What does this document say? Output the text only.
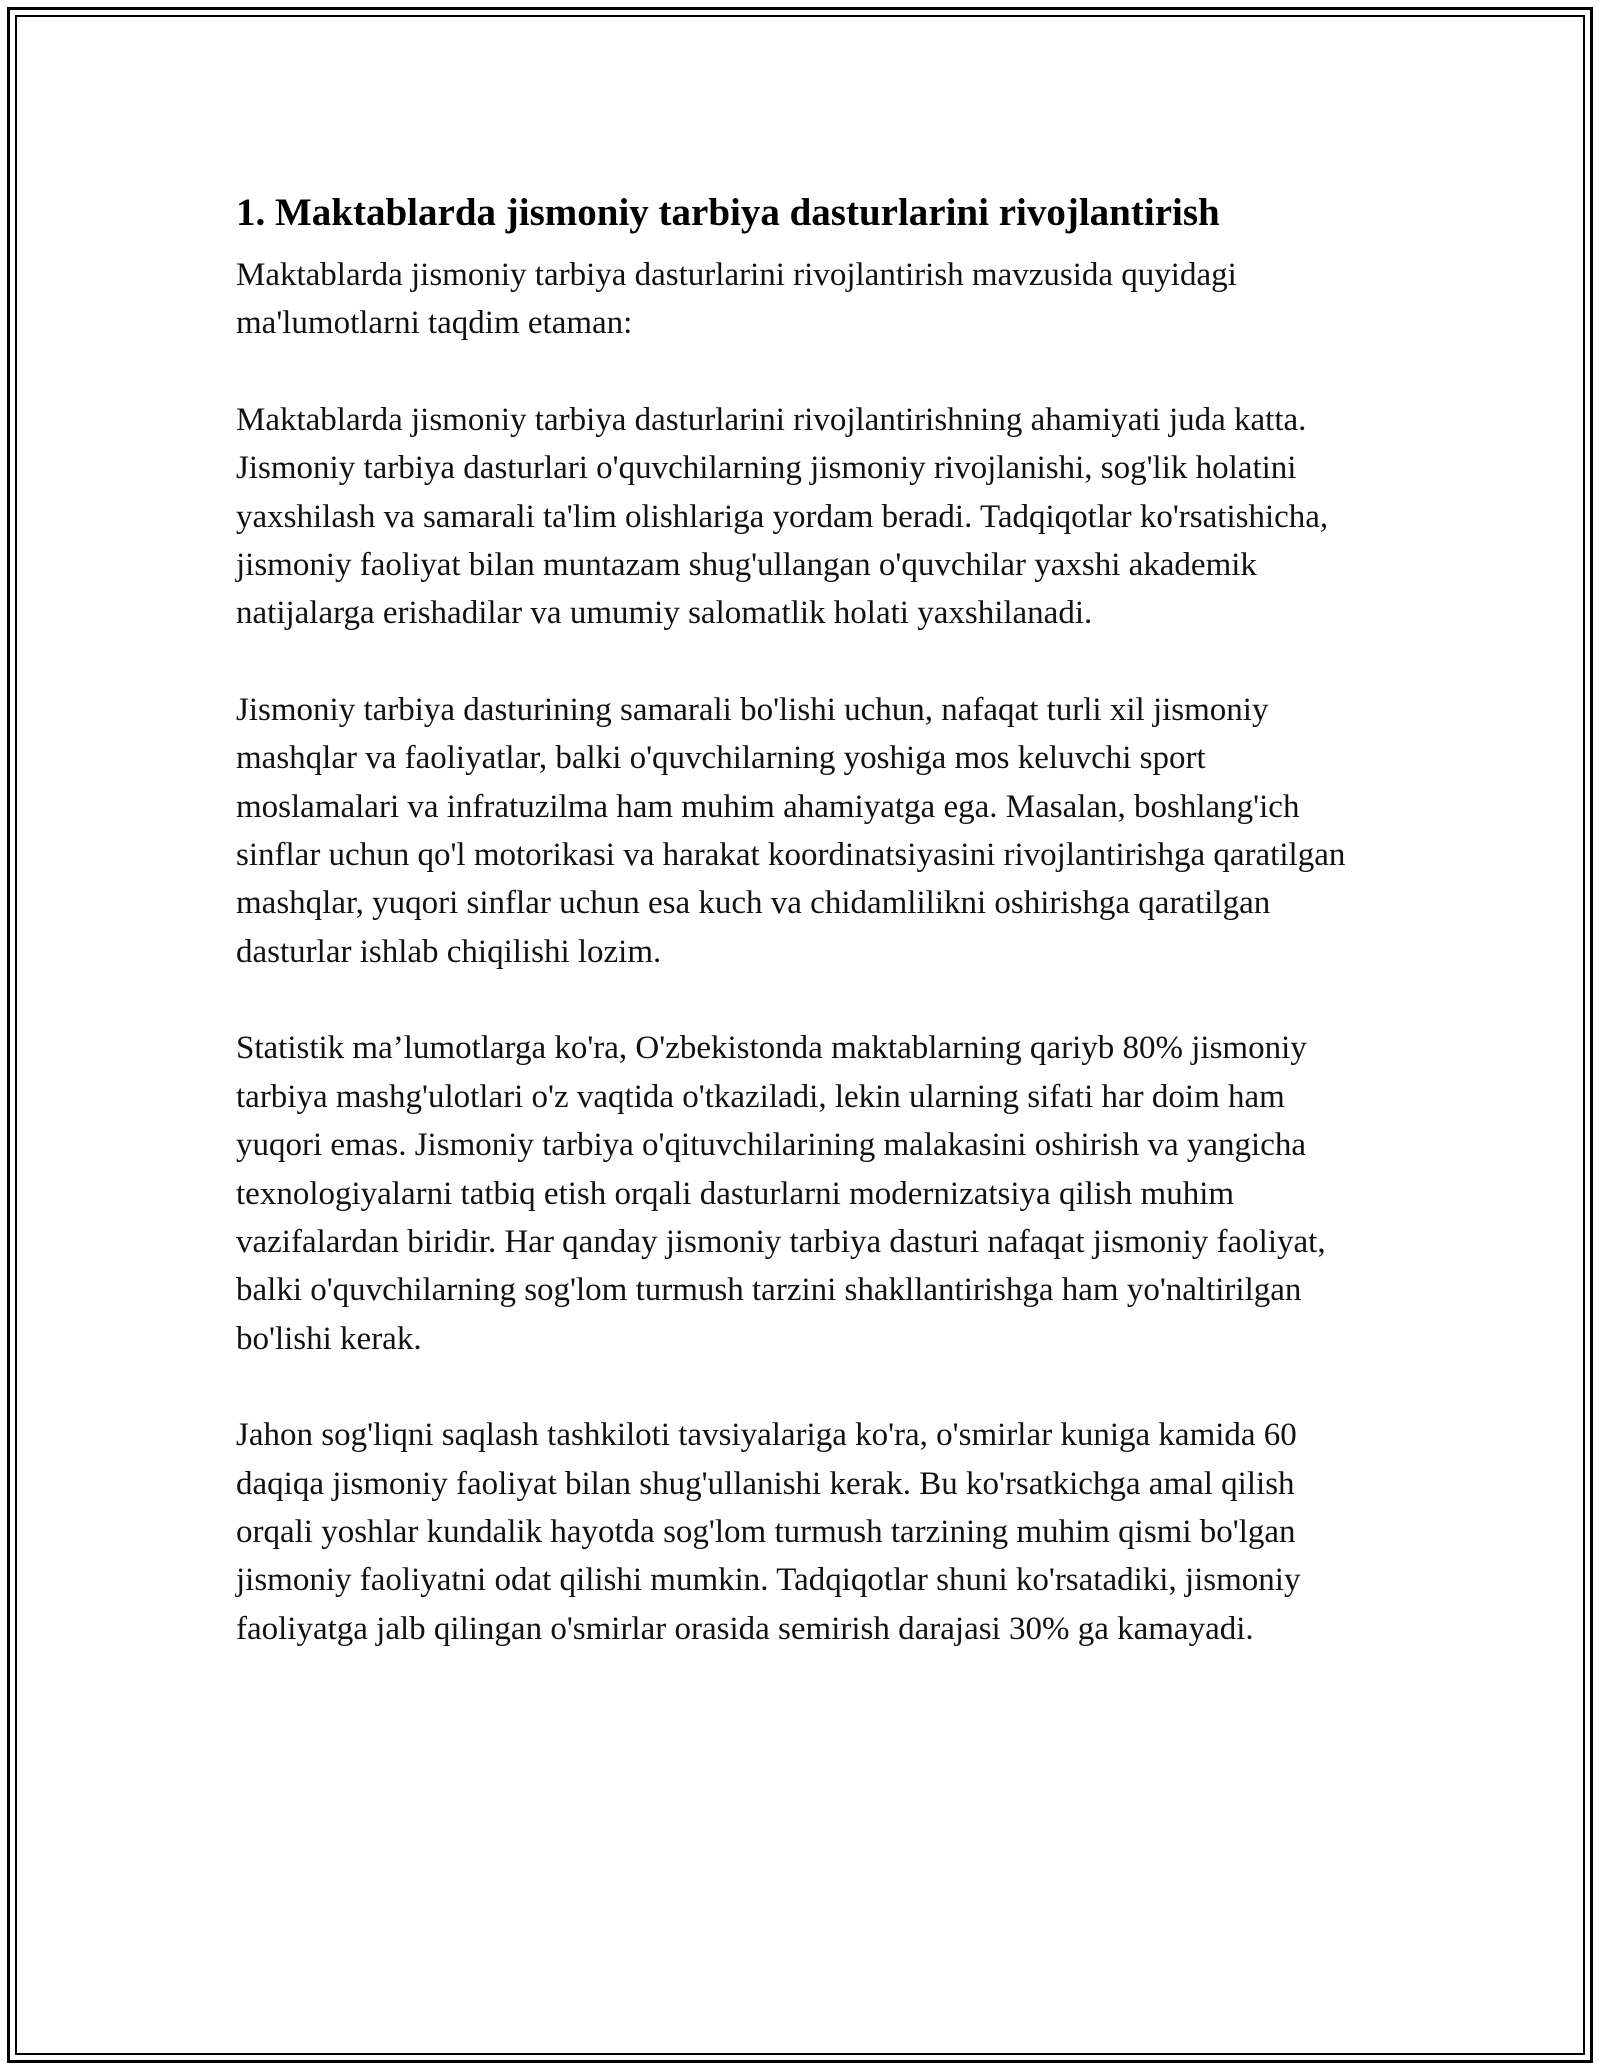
1. Maktablarda jismoniy tarbiya dasturlarini rivojlantirish

Maktablarda jismoniy tarbiya dasturlarini rivojlantirish mavzusida quyidagi ma'lumotlarni taqdim etaman:

Maktablarda jismoniy tarbiya dasturlarini rivojlantirishning ahamiyati juda katta. Jismoniy tarbiya dasturlari o'quvchilarning jismoniy rivojlanishi, sog'lik holatini yaxshilash va samarali ta'lim olishlariga yordam beradi. Tadqiqotlar ko'rsatishicha, jismoniy faoliyat bilan muntazam shug'ullangan o'quvchilar yaxshi akademik natijalarga erishadilar va umumiy salomatlik holati yaxshilanadi.

Jismoniy tarbiya dasturining samarali bo'lishi uchun, nafaqat turli xil jismoniy mashqlar va faoliyatlar, balki o'quvchilarning yoshiga mos keluvchi sport moslamalari va infratuzilma ham muhim ahamiyatga ega. Masalan, boshlang'ich sinflar uchun qo'l motorikasi va harakat koordinatsiyasini rivojlantirishga qaratilgan mashqlar, yuqori sinflar uchun esa kuch va chidamlilikni oshirishga qaratilgan dasturlar ishlab chiqilishi lozim.

Statistik ma’lumotlarga ko'ra, O'zbekistonda maktablarning qariyb 80% jismoniy tarbiya mashg'ulotlari o'z vaqtida o'tkaziladi, lekin ularning sifati har doim ham yuqori emas. Jismoniy tarbiya o'qituvchilarining malakasini oshirish va yangicha texnologiyalarni tatbiq etish orqali dasturlarni modernizatsiya qilish muhim vazifalardan biridir. Har qanday jismoniy tarbiya dasturi nafaqat jismoniy faoliyat, balki o'quvchilarning sog'lom turmush tarzini shakllantirishga ham yo'naltirilgan bo'lishi kerak.

Jahon sog'liqni saqlash tashkiloti tavsiyalariga ko'ra, o'smirlar kuniga kamida 60 daqiqa jismoniy faoliyat bilan shug'ullanishi kerak. Bu ko'rsatkichga amal qilish orqali yoshlar kundalik hayotda sog'lom turmush tarzining muhim qismi bo'lgan jismoniy faoliyatni odat qilishi mumkin. Tadqiqotlar shuni ko'rsatadiki, jismoniy faoliyatga jalb qilingan o'smirlar orasida semirish darajasi 30% ga kamayadi.
